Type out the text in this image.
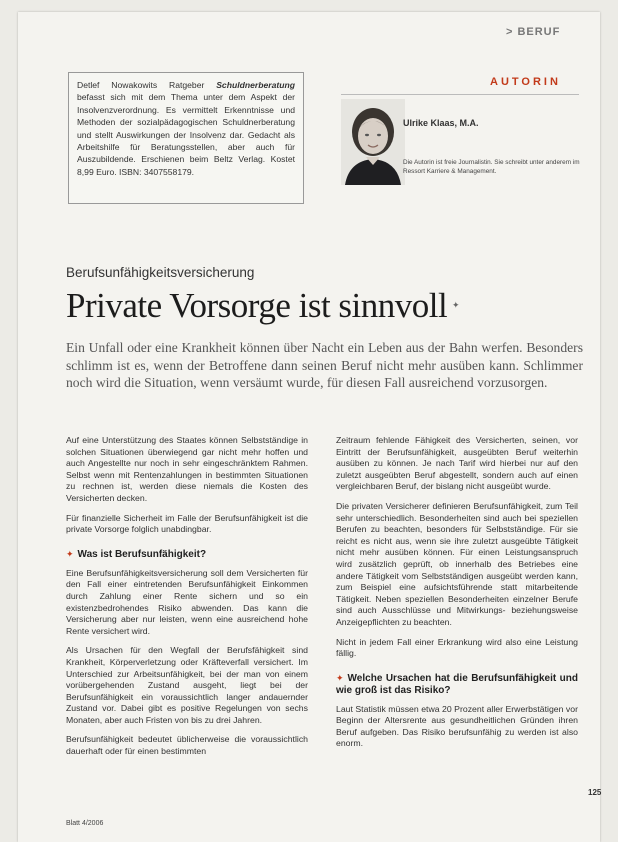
> BERUF
Detlef Nowakowits Ratgeber Schuldnerberatung befasst sich mit dem Thema unter dem Aspekt der Insolvenzverordnung. Es vermittelt Erkenntnisse und Methoden der sozialpädagogischen Schuldnerberatung und stellt Auswirkungen der Insolvenz dar. Gedacht als Arbeitshilfe für Beratungsstellen, aber auch für Auszubildende. Erschienen beim Beltz Verlag. Kostet 8,99 Euro. ISBN: 3407558179.
AUTORIN
Ulrike Klaas, M.A.
Die Autorin ist freie Journalistin. Sie schreibt unter anderem im Ressort Karriere & Management.
Berufsunfähigkeitsversicherung
Private Vorsorge ist sinnvoll ✦
Ein Unfall oder eine Krankheit können über Nacht ein Leben aus der Bahn werfen. Besonders schlimm ist es, wenn der Betroffene dann seinen Beruf nicht mehr ausüben kann. Schlimmer noch wird die Situation, wenn versäumt wurde, für diesen Fall ausreichend vorzusorgen.

Auf eine Unterstützung des Staates können Selbstständige in solchen Situationen überwiegend gar nicht mehr hoffen und auch Angestellte nur noch in sehr eingeschränktem Rahmen. Selbst wenn mit Rentenzahlungen in bestimmten Situationen zu rechnen ist, werden diese niemals die Kosten des Versicherten decken.

Für finanzielle Sicherheit im Falle der Berufsunfähigkeit ist die private Vorsorge folglich unabdingbar.

✦ Was ist Berufsunfähigkeit?

Eine Berufsunfähigkeitsversicherung soll dem Versicherten für den Fall einer eintretenden Berufsunfähigkeit Einkommen durch Zahlung einer Rente sichern und so ein existenzbedrohendes Risiko abwenden. Das kann die Versicherung aber nur leisten, wenn eine ausreichend hohe Rente versichert wird.

Als Ursachen für den Wegfall der Berufsfähigkeit sind Krankheit, Körperverletzung oder Kräfteverfall versichert. Im Unterschied zur Arbeitsunfähigkeit, bei der man von einem vorübergehenden Zustand ausgeht, liegt bei der Berufsunfähigkeit ein voraussichtlich langer andauernder Zustand vor. Dabei gibt es positive Regelungen von sechs Monaten, aber auch Fristen von bis zu drei Jahren.

Berufsunfähigkeit bedeutet üblicherweise die voraussichtlich dauerhaft oder für einen bestimmten

Zeitraum fehlende Fähigkeit des Versicherten, seinen, vor Eintritt der Berufsunfähigkeit, ausgeübten Beruf weiterhin ausüben zu können. Je nach Tarif wird hierbei nur auf den zuletzt ausgeübten Beruf abgestellt, sondern auch auf einen vergleichbaren Beruf, der bislang nicht ausgeübt wurde.

Die privaten Versicherer definieren Berufsunfähigkeit, zum Teil sehr unterschiedlich. Besonderheiten sind auch bei speziellen Berufen zu beachten, besonders für Selbstständige. Für sie reicht es nicht aus, wenn sie ihre zuletzt ausgeübte Tätigkeit nicht mehr ausüben können. Für einen Leistungsanspruch wird zusätzlich geprüft, ob innerhalb des Betriebes eine andere Tätigkeit vom Selbstständigen ausgeübt werden kann, zum Beispiel eine aufsichtsführende statt mitarbeitende Tätigkeit. Neben speziellen Besonderheiten einzelner Berufe sind auch Ausschlüsse und Mitwirkungs- beziehungsweise Anzeigepflichten zu beachten.

Nicht in jedem Fall einer Erkrankung wird also eine Leistung fällig.

✦ Welche Ursachen hat die Berufsunfähigkeit und wie groß ist das Risiko?

Laut Statistik müssen etwa 20 Prozent aller Erwerbstätigen vor Beginn der Altersrente aus gesundheitlichen Gründen ihren Beruf aufgeben. Das Risiko berufsunfähig zu werden ist also enorm.

Blatt 4/2006
125
